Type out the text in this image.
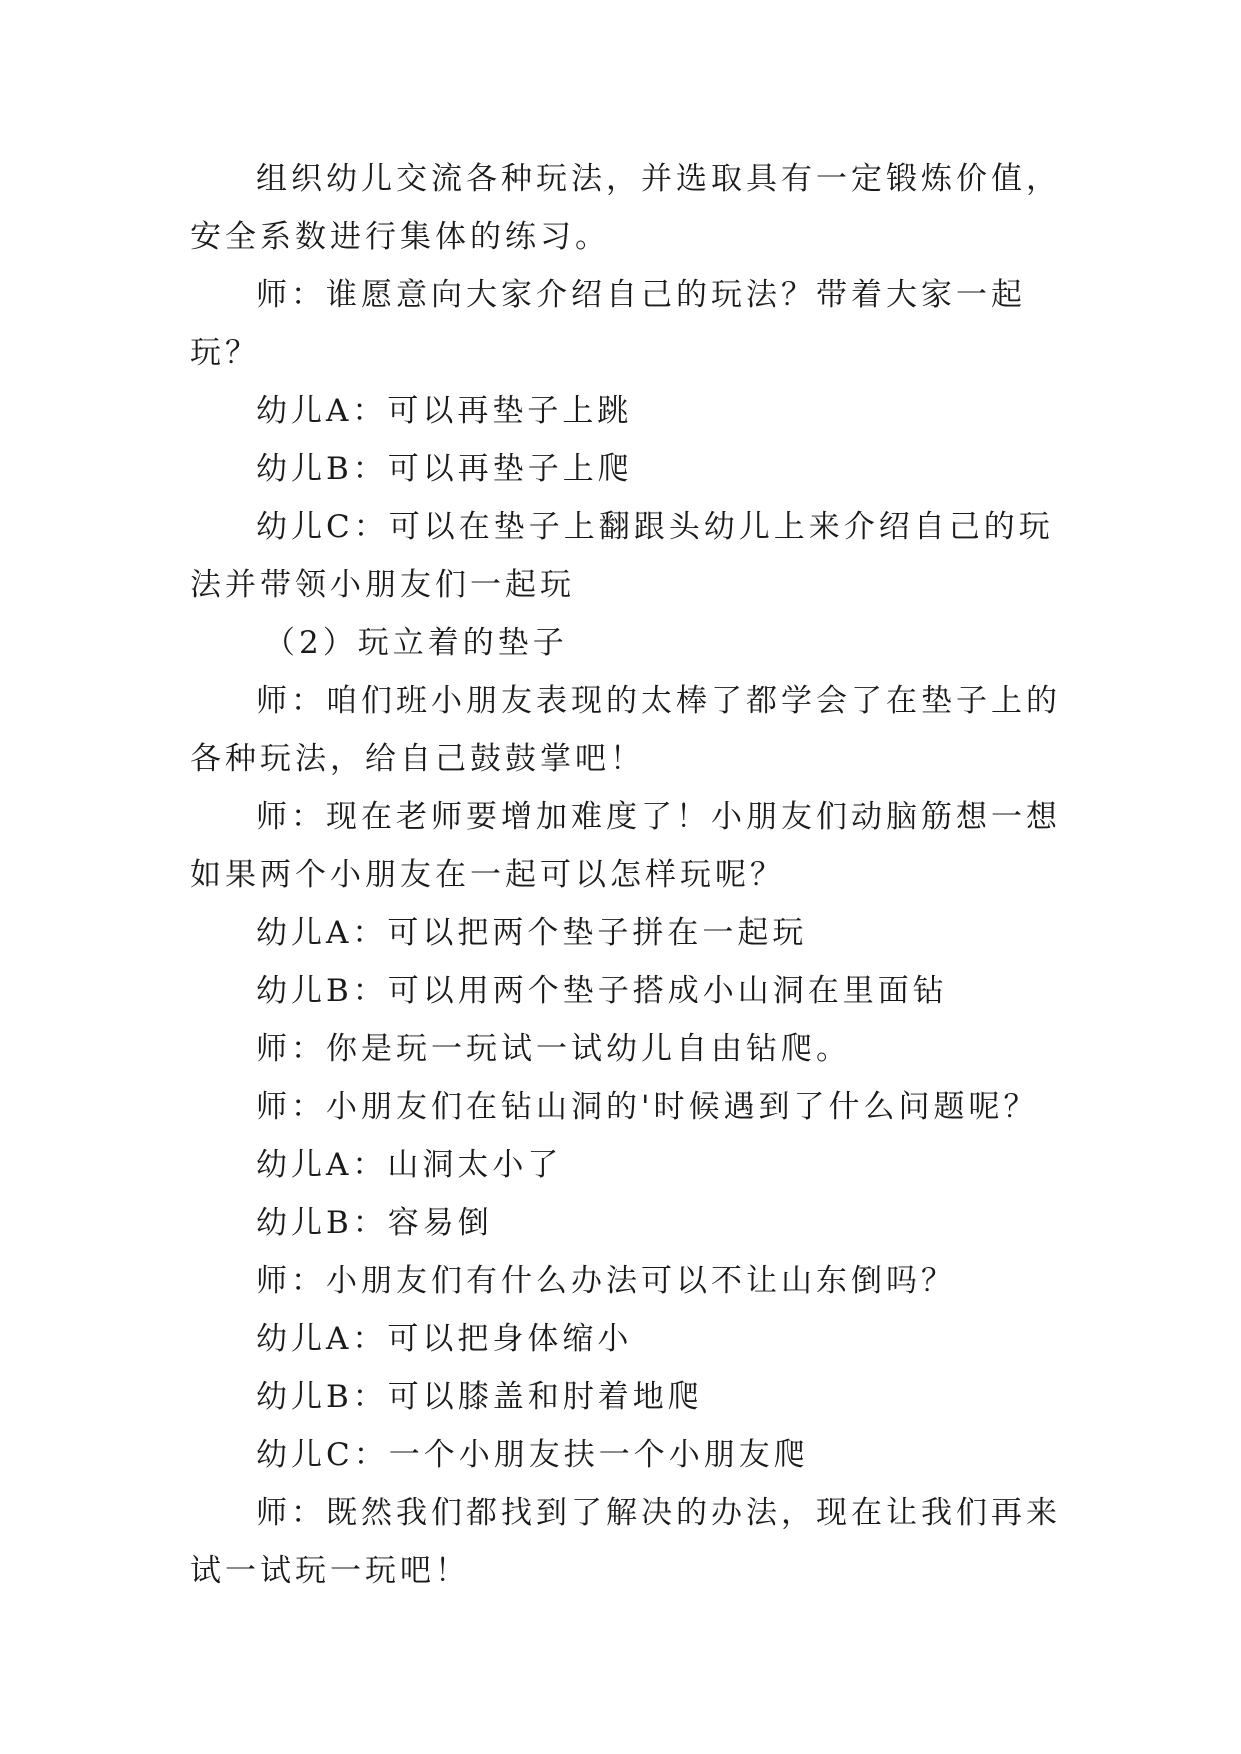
组织幼儿交流各种玩法，并选取具有一定锻炼价值，安全系数进行集体的练习。

师：谁愿意向大家介绍自己的玩法？带着大家一起玩？

幼儿A：可以再垫子上跳

幼儿B：可以再垫子上爬

幼儿C：可以在垫子上翻跟头幼儿上来介绍自己的玩法并带领小朋友们一起玩

（2）玩立着的垫子

师：咱们班小朋友表现的太棒了都学会了在垫子上的各种玩法，给自己鼓鼓掌吧！

师：现在老师要增加难度了！小朋友们动脑筋想一想如果两个小朋友在一起可以怎样玩呢？

幼儿A：可以把两个垫子拼在一起玩

幼儿B：可以用两个垫子搭成小山洞在里面钻

师：你是玩一玩试一试幼儿自由钻爬。

师：小朋友们在钻山洞的'时候遇到了什么问题呢？

幼儿A：山洞太小了

幼儿B：容易倒

师：小朋友们有什么办法可以不让山东倒吗？

幼儿A：可以把身体缩小

幼儿B：可以膝盖和肘着地爬

幼儿C：一个小朋友扶一个小朋友爬

师：既然我们都找到了解决的办法，现在让我们再来试一试玩一玩吧！
